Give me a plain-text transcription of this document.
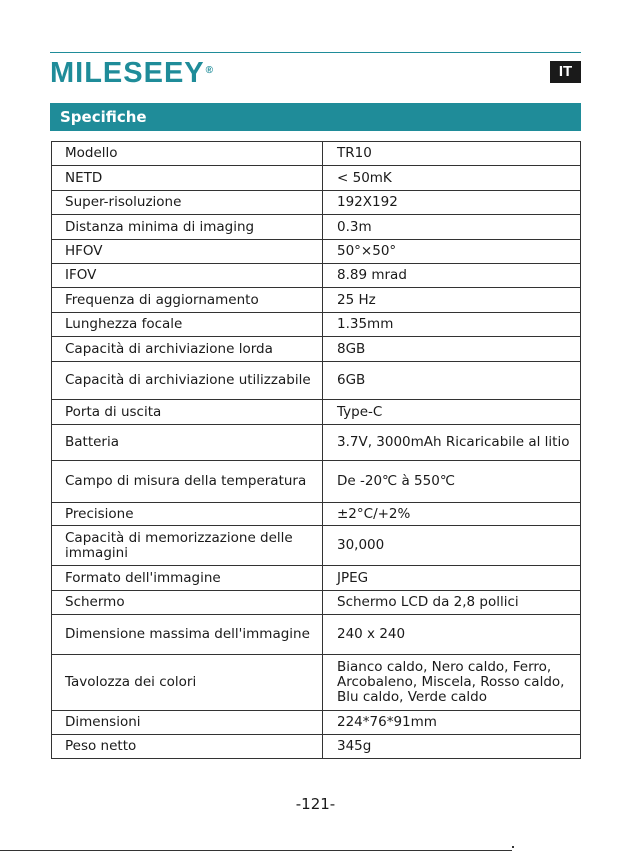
MILESEEY®	IT
Specifiche
Modello	TR10
NETD	< 50mK
Super-risoluzione	192X192
Distanza minima di imaging	0.3m
HFOV	50°×50°
IFOV	8.89 mrad
Frequenza di aggiornamento	25 Hz
Lunghezza focale	1.35mm
Capacità di archiviazione lorda	8GB
Capacità di archiviazione utilizzabile	6GB
Porta di uscita	Type-C
Batteria	3.7V, 3000mAh Ricaricabile al litio
Campo di misura della temperatura	De -20℃ à 550℃
Precisione	±2°C/+2%
Capacità di memorizzazione delle immagini	30,000
Formato dell'immagine	JPEG
Schermo	Schermo LCD da 2,8 pollici
Dimensione massima dell'immagine	240 x 240
Tavolozza dei colori	Bianco caldo, Nero caldo, Ferro, Arcobaleno, Miscela, Rosso caldo, Blu caldo, Verde caldo
Dimensioni	224*76*91mm
Peso netto	345g
-121-
